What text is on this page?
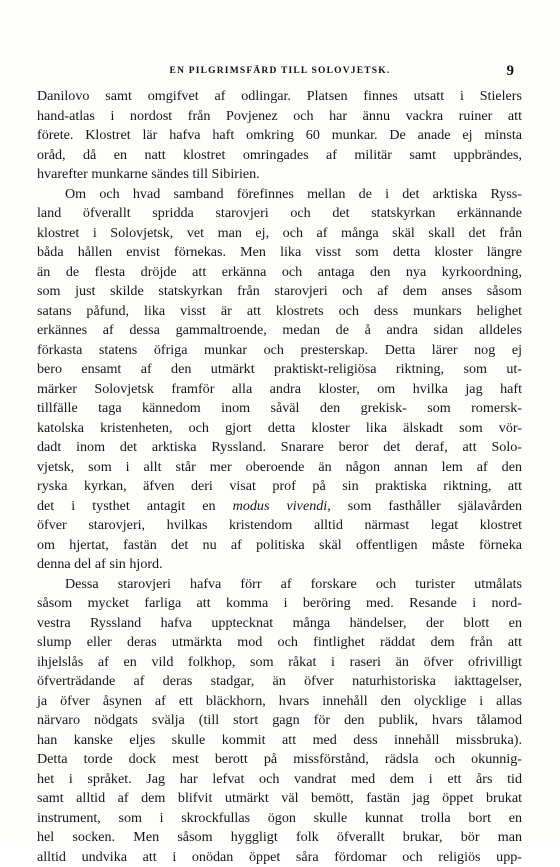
EN PILGRIMSFÄRD TILL SOLOVJETSK.	9
Danilovo samt omgifvet af odlingar. Platsen finnes utsatt i Stielers
hand-atlas i nordost från Povjenez och har ännu vackra ruiner att
förete. Klostret lär hafva haft omkring 60 munkar. De anade ej minsta
oråd, då en natt klostret omringades af militär samt uppbrändes,
hvarefter munkarne sändes till Sibirien.
Om och hvad samband förefinnes mellan de i det arktiska Ryss-
land öfverallt spridda starovjeri och det statskyrkan erkännande
klostret i Solovjetsk, vet man ej, och af många skäl skall det från
båda hållen envist förnekas. Men lika visst som detta kloster längre
än de flesta dröjde att erkänna och antaga den nya kyrkoordning,
som just skilde statskyrkan från starovjeri och af dem anses såsom
satans påfund, lika visst är att klostrets och dess munkars helighet
erkännes af dessa gammaltroende, medan de å andra sidan alldeles
förkasta statens öfriga munkar och presterskap. Detta lärer nog ej
bero ensamt af den utmärkt praktiskt-religiösa riktning, som ut-
märker Solovjetsk framför alla andra kloster, om hvilka jag haft
tillfälle taga kännedom inom såväl den grekisk- som romersk-
katolska kristenheten, och gjort detta kloster lika älskadt som vör-
dadt inom det arktiska Ryssland. Snarare beror det deraf, att Solo-
vjetsk, som i allt står mer oberoende än någon annan lem af den
ryska kyrkan, äfven deri visat prof på sin praktiska riktning, att
det i tysthet antagit en modus vivendi, som fasthåller själavården
öfver starovjeri, hvilkas kristendom alltid närmast legat klostret
om hjertat, fastän det nu af politiska skäl offentligen måste förneka
denna del af sin hjord.
Dessa starovjeri hafva förr af forskare och turister utmålats
såsom mycket farliga att komma i beröring med. Resande i nord-
vestra Ryssland hafva upptecknat många händelser, der blott en
slump eller deras utmärkta mod och fintlighet räddat dem från att
ihjelslås af en vild folkhop, som råkat i raseri än öfver ofrivilligt
öfverträdande af deras stadgar, än öfver naturhistoriska iakttagelser,
ja öfver åsynen af ett bläckhorn, hvars innehåll den olycklige i allas
närvaro nödgats svälja (till stort gagn för den publik, hvars tålamod
han kanske eljes skulle kommit att med dess innehåll missbruka).
Detta torde dock mest berott på missförstånd, rädsla och okunnig-
het i språket. Jag har lefvat och vandrat med dem i ett års tid
samt alltid af dem blifvit utmärkt väl bemött, fastän jag öppet brukat
instrument, som i skrockfullas ögon skulle kunnat trolla bort en
hel socken. Men såsom hyggligt folk öfverallt brukar, bör man
alltid undvika att i onödan öppet såra fördomar och religiös upp-
